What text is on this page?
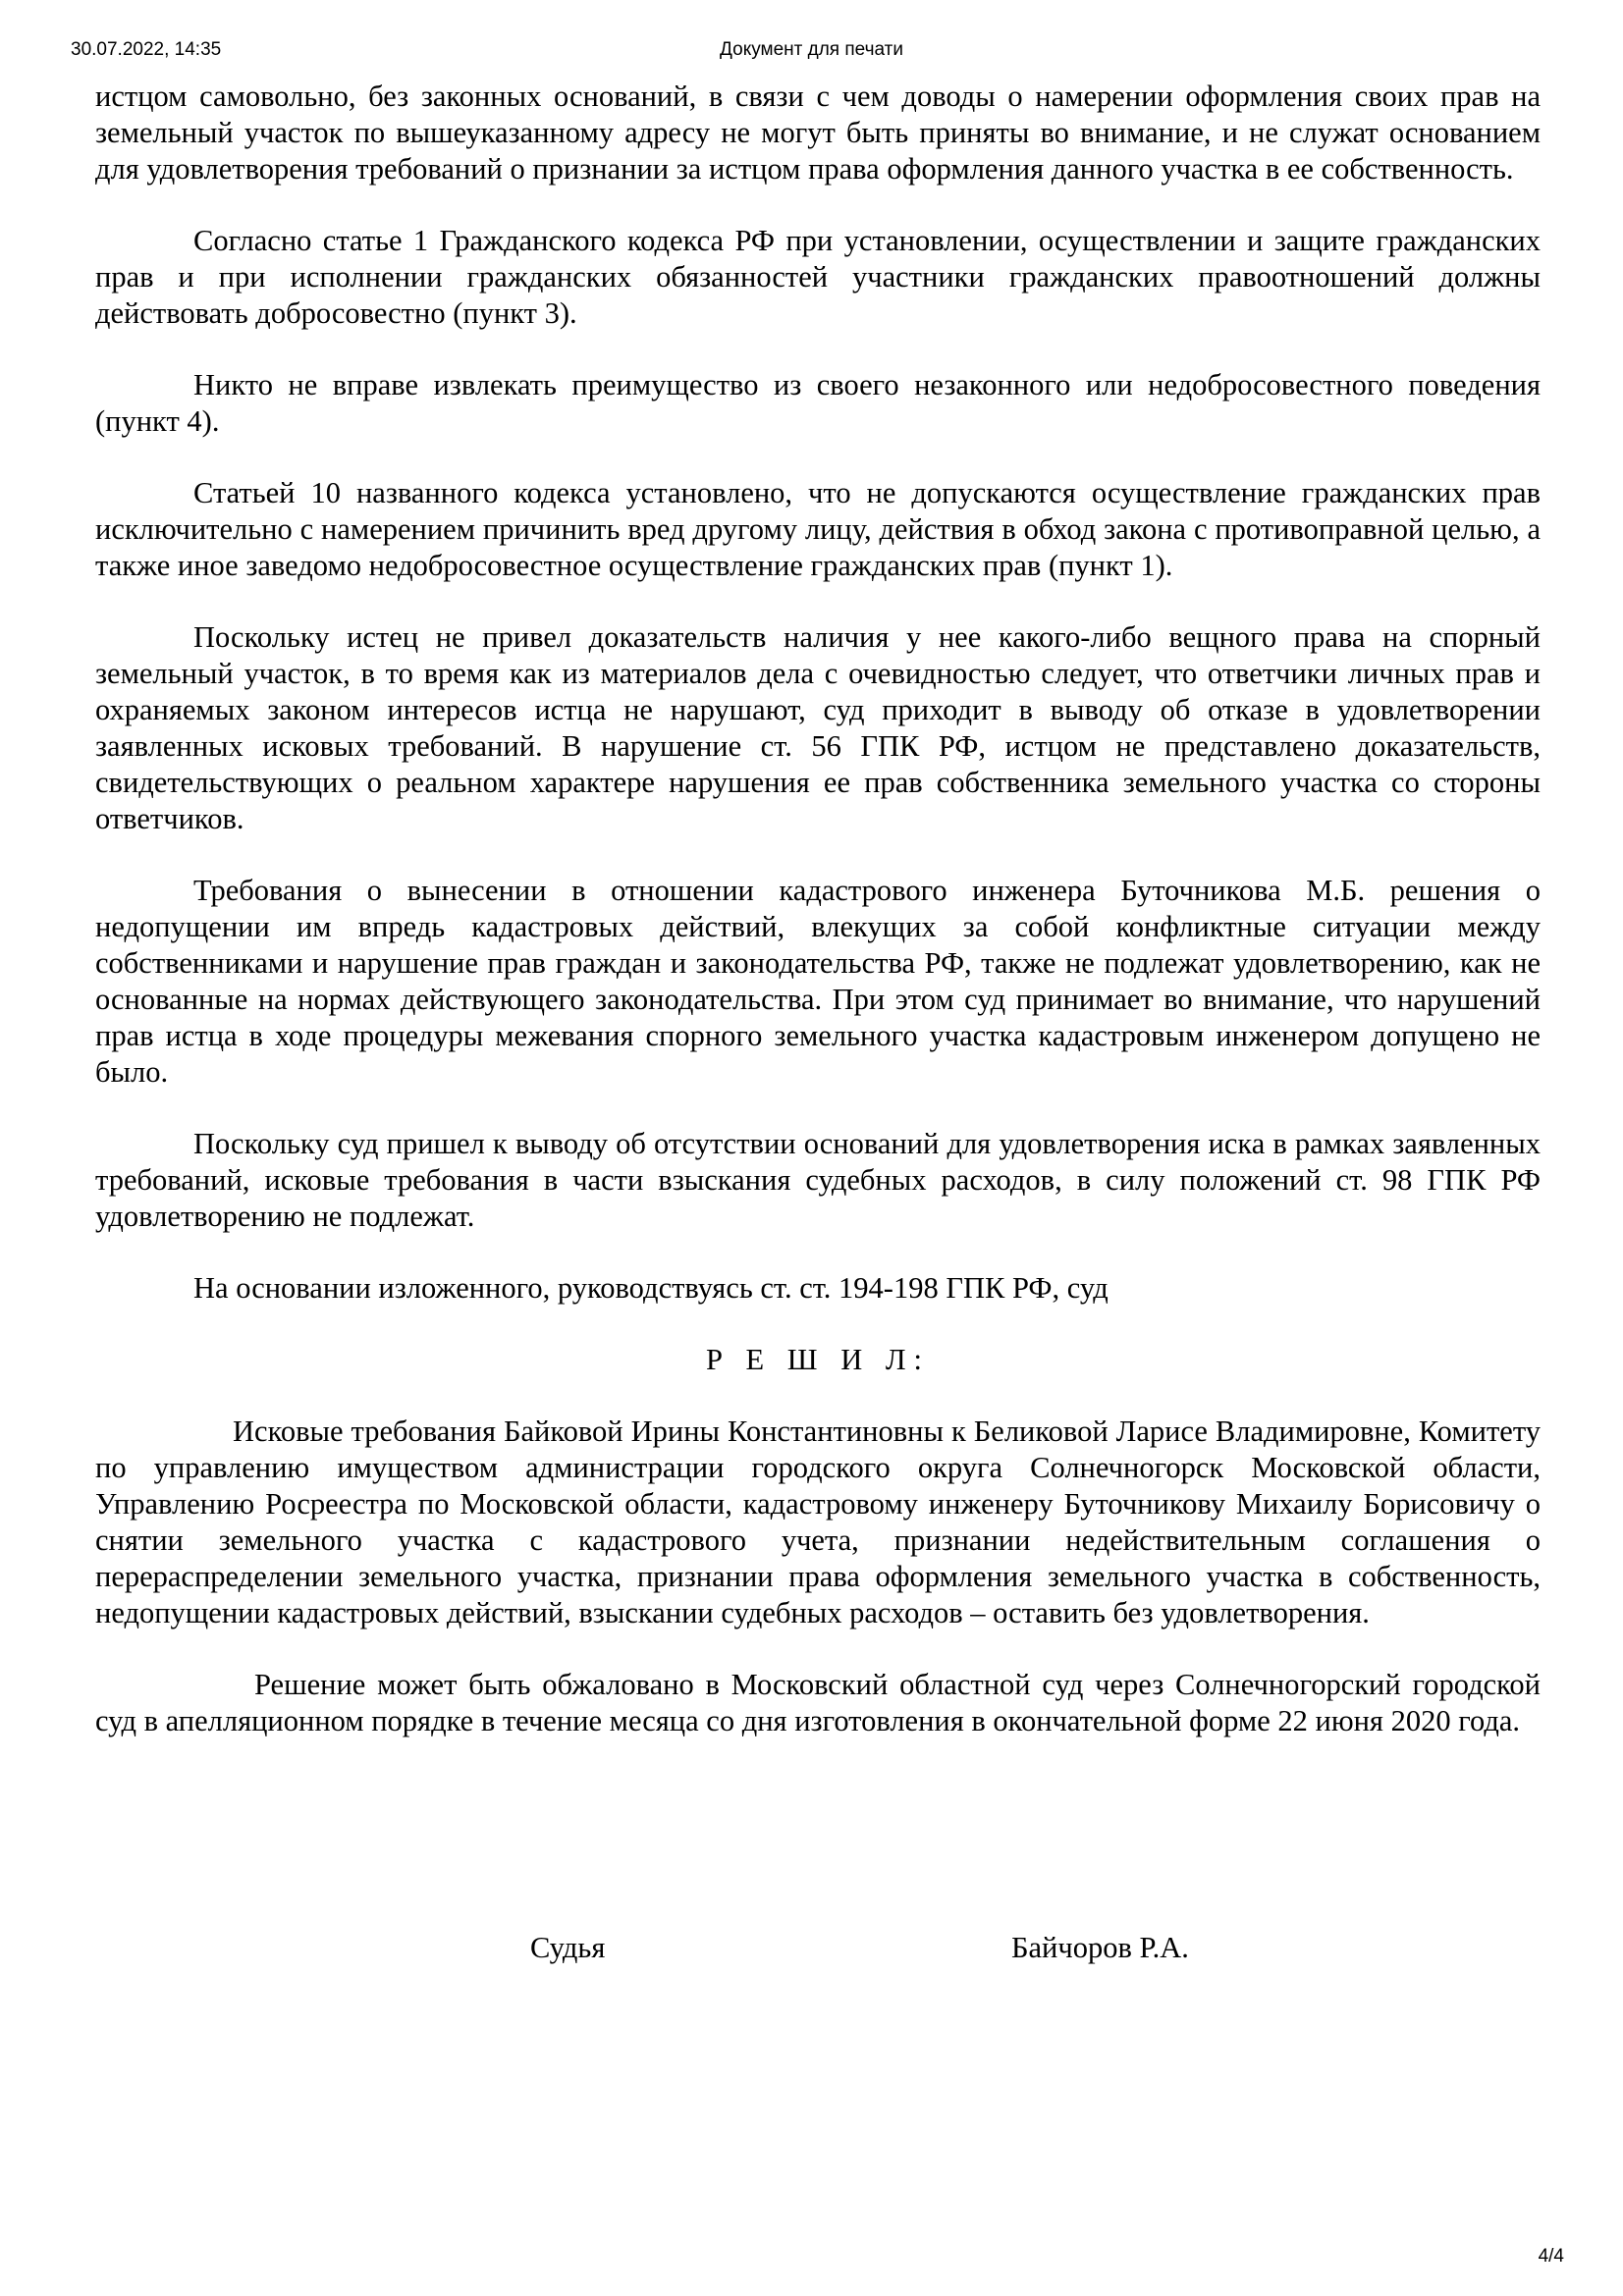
30.07.2022, 14:35	Документ для печати

истцом самовольно, без законных оснований, в связи с чем доводы о намерении оформления своих прав на земельный участок по вышеуказанному адресу не могут быть приняты во внимание, и не служат основанием для удовлетворения требований о признании за истцом права оформления данного участка в ее собственность.

Согласно статье 1 Гражданского кодекса РФ при установлении, осуществлении и защите гражданских прав и при исполнении гражданских обязанностей участники гражданских правоотношений должны действовать добросовестно (пункт 3).

Никто не вправе извлекать преимущество из своего незаконного или недобросовестного поведения (пункт 4).

Статьей 10 названного кодекса установлено, что не допускаются осуществление гражданских прав исключительно с намерением причинить вред другому лицу, действия в обход закона с противоправной целью, а также иное заведомо недобросовестное осуществление гражданских прав (пункт 1).

Поскольку истец не привел доказательств наличия у нее какого-либо вещного права на спорный земельный участок, в то время как из материалов дела с очевидностью следует, что ответчики личных прав и охраняемых законом интересов истца не нарушают, суд приходит в выводу об отказе в удовлетворении заявленных исковых требований. В нарушение ст. 56 ГПК РФ, истцом не представлено доказательств, свидетельствующих о реальном характере нарушения ее прав собственника земельного участка со стороны ответчиков.

Требования о вынесении в отношении кадастрового инженера Буточникова М.Б. решения о недопущении им впредь кадастровых действий, влекущих за собой конфликтные ситуации между собственниками и нарушение прав граждан и законодательства РФ, также не подлежат удовлетворению, как не основанные на нормах действующего законодательства. При этом суд принимает во внимание, что нарушений прав истца в ходе процедуры межевания спорного земельного участка кадастровым инженером допущено не было.

Поскольку суд пришел к выводу об отсутствии оснований для удовлетворения иска в рамках заявленных требований, исковые требования в части взыскания судебных расходов, в силу положений ст. 98 ГПК РФ удовлетворению не подлежат.

На основании изложенного, руководствуясь ст. ст. 194-198 ГПК РФ, суд

Р Е Ш И Л:

Исковые требования Байковой Ирины Константиновны к Беликовой Ларисе Владимировне, Комитету по управлению имуществом администрации городского округа Солнечногорск Московской области, Управлению Росреестра по Московской области, кадастровому инженеру Буточникову Михаилу Борисовичу о снятии земельного участка с кадастрового учета, признании недействительным соглашения о перераспределении земельного участка, признании права оформления земельного участка в собственность, недопущении кадастровых действий, взыскании судебных расходов – оставить без удовлетворения.

Решение может быть обжаловано в Московский областной суд через Солнечногорский городской суд в апелляционном порядке в течение месяца со дня изготовления в окончательной форме 22 июня 2020 года.

Судья	Байчоров Р.А.
4/4
